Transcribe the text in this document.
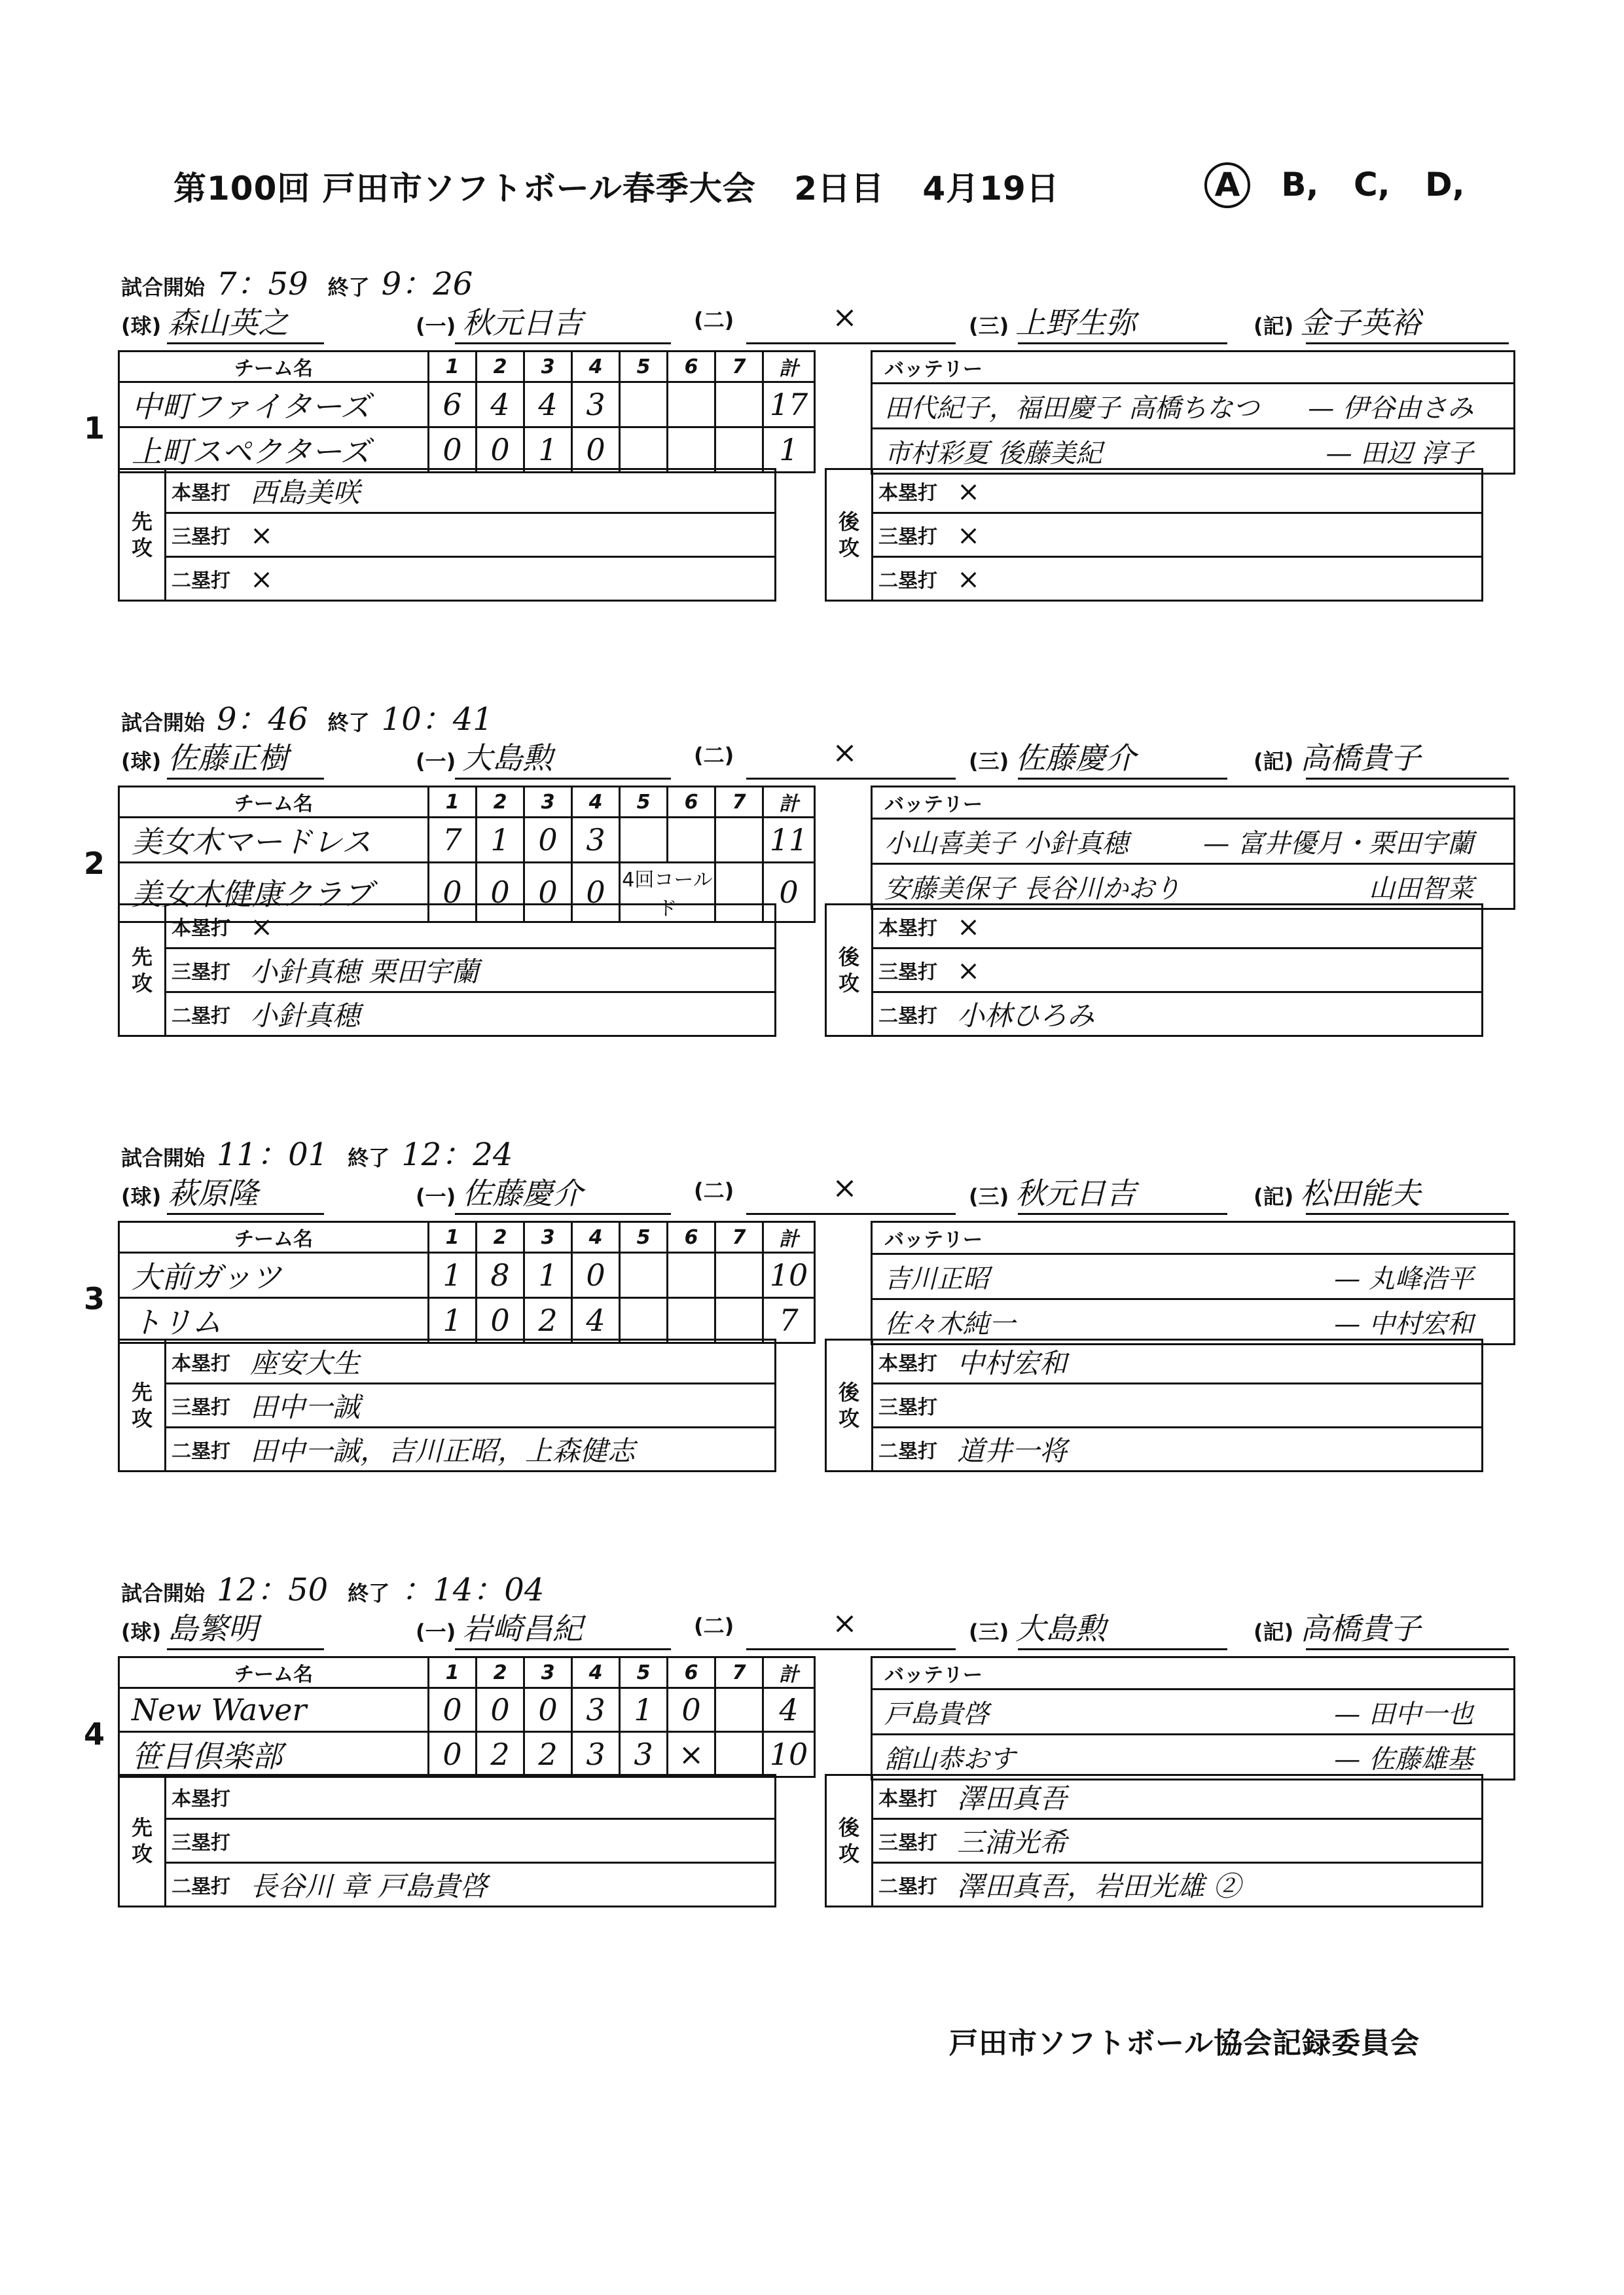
第100回 戸田市ソフトボール春季大会 2日目 4月19日	A B, C, D,
1
試合開始 7：59 終了 9：26
(球) 森山英之	(一) 秋元日吉	(二)	×	(三) 上野生弥	(記) 金子英裕
チーム名	1	2	3	4	5	6	7	計
中町ファイターズ	6	4	4	3				17
上町スペクターズ	0	0	1	0				1
バッテリー

田代紀子，福田慶子 高橋ちなつ — 伊谷由さみ

市村彩夏 後藤美紀	— 田辺 淳子
先
攻	本塁打	西島美咲
	三塁打	×
	二塁打	×
後
攻	本塁打	×
	三塁打	×
	二塁打	×
2
試合開始 9：46 終了 10：41
(球) 佐藤正樹	(一) 大島勲	(二)	×	(三) 佐藤慶介	(記) 高橋貴子
チーム名	1	2	3	4	5	6	7	計
美女木マードレス	7	1	0	3				11
美女木健康クラブ	0	0	0	0	4回コールド			0
バッテリー

小山喜美子 小針真穂	— 富井優月・栗田宇蘭

安藤美保子 長谷川かおり	山田智菜
先
攻	本塁打	×
	三塁打	小針真穂 栗田宇蘭
	二塁打	小針真穂
後
攻	本塁打	×
	三塁打	×
	二塁打	小林ひろみ
3
試合開始 11：01 終了 12：24
(球) 萩原隆	(一) 佐藤慶介	(二)	×	(三) 秋元日吉	(記) 松田能夫
チーム名	1	2	3	4	5	6	7	計
大前ガッツ	1	8	1	0				10
トリム	1	0	2	4				7
バッテリー

吉川正昭	— 丸峰浩平

佐々木純一	— 中村宏和
先
攻	本塁打	座安大生
	三塁打	田中一誠
	二塁打	田中一誠，吉川正昭，上森健志
後
攻	本塁打	中村宏和
	三塁打	
	二塁打	道井一将
4
試合開始 12：50 終了 ：14：04
(球) 島繁明	(一) 岩崎昌紀	(二)	×	(三) 大島勲	(記) 高橋貴子
チーム名	1	2	3	4	5	6	7	計
New Waver	0	0	0	3	1	0		4
笹目倶楽部	0	2	2	3	3	×		10
バッテリー

戸島貴啓	— 田中一也

舘山恭おす	— 佐藤雄基
先
攻	本塁打	
	三塁打	
	二塁打	長谷川 章 戸島貴啓
後
攻	本塁打	澤田真吾
	三塁打	三浦光希
	二塁打	澤田真吾，岩田光雄 ②
戸田市ソフトボール協会記録委員会
